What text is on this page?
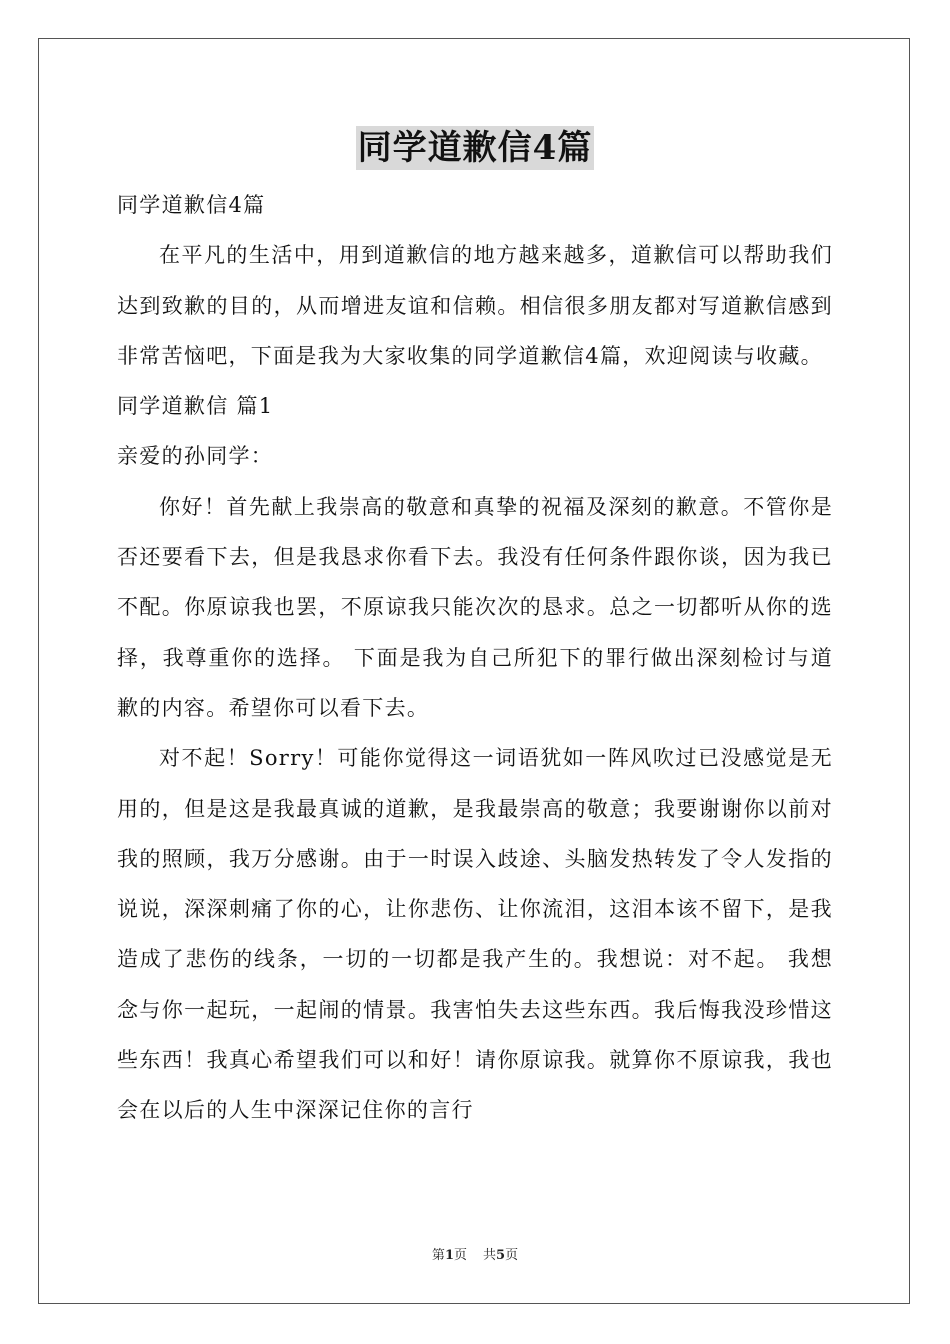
同学道歉信4篇

同学道歉信4篇

在平凡的生活中，用到道歉信的地方越来越多，道歉信可以帮助我们达到致歉的目的，从而增进友谊和信赖。相信很多朋友都对写道歉信感到非常苦恼吧，下面是我为大家收集的同学道歉信4篇，欢迎阅读与收藏。

同学道歉信 篇1

亲爱的孙同学：

你好！首先献上我崇高的敬意和真挚的祝福及深刻的歉意。不管你是否还要看下去，但是我恳求你看下去。我没有任何条件跟你谈，因为我已不配。你原谅我也罢，不原谅我只能次次的恳求。总之一切都听从你的选择，我尊重你的选择。 下面是我为自己所犯下的罪行做出深刻检讨与道歉的内容。希望你可以看下去。

对不起！Sorry！可能你觉得这一词语犹如一阵风吹过已没感觉是无用的，但是这是我最真诚的道歉，是我最崇高的敬意；我要谢谢你以前对我的照顾，我万分感谢。由于一时误入歧途、头脑发热转发了令人发指的说说，深深刺痛了你的心，让你悲伤、让你流泪，这泪本该不留下，是我造成了悲伤的线条，一切的一切都是我产生的。我想说：对不起。 我想念与你一起玩，一起闹的情景。我害怕失去这些东西。我后悔我没珍惜这些东西！我真心希望我们可以和好！请你原谅我。就算你不原谅我，我也会在以后的人生中深深记住你的言行

第1页 共5页
